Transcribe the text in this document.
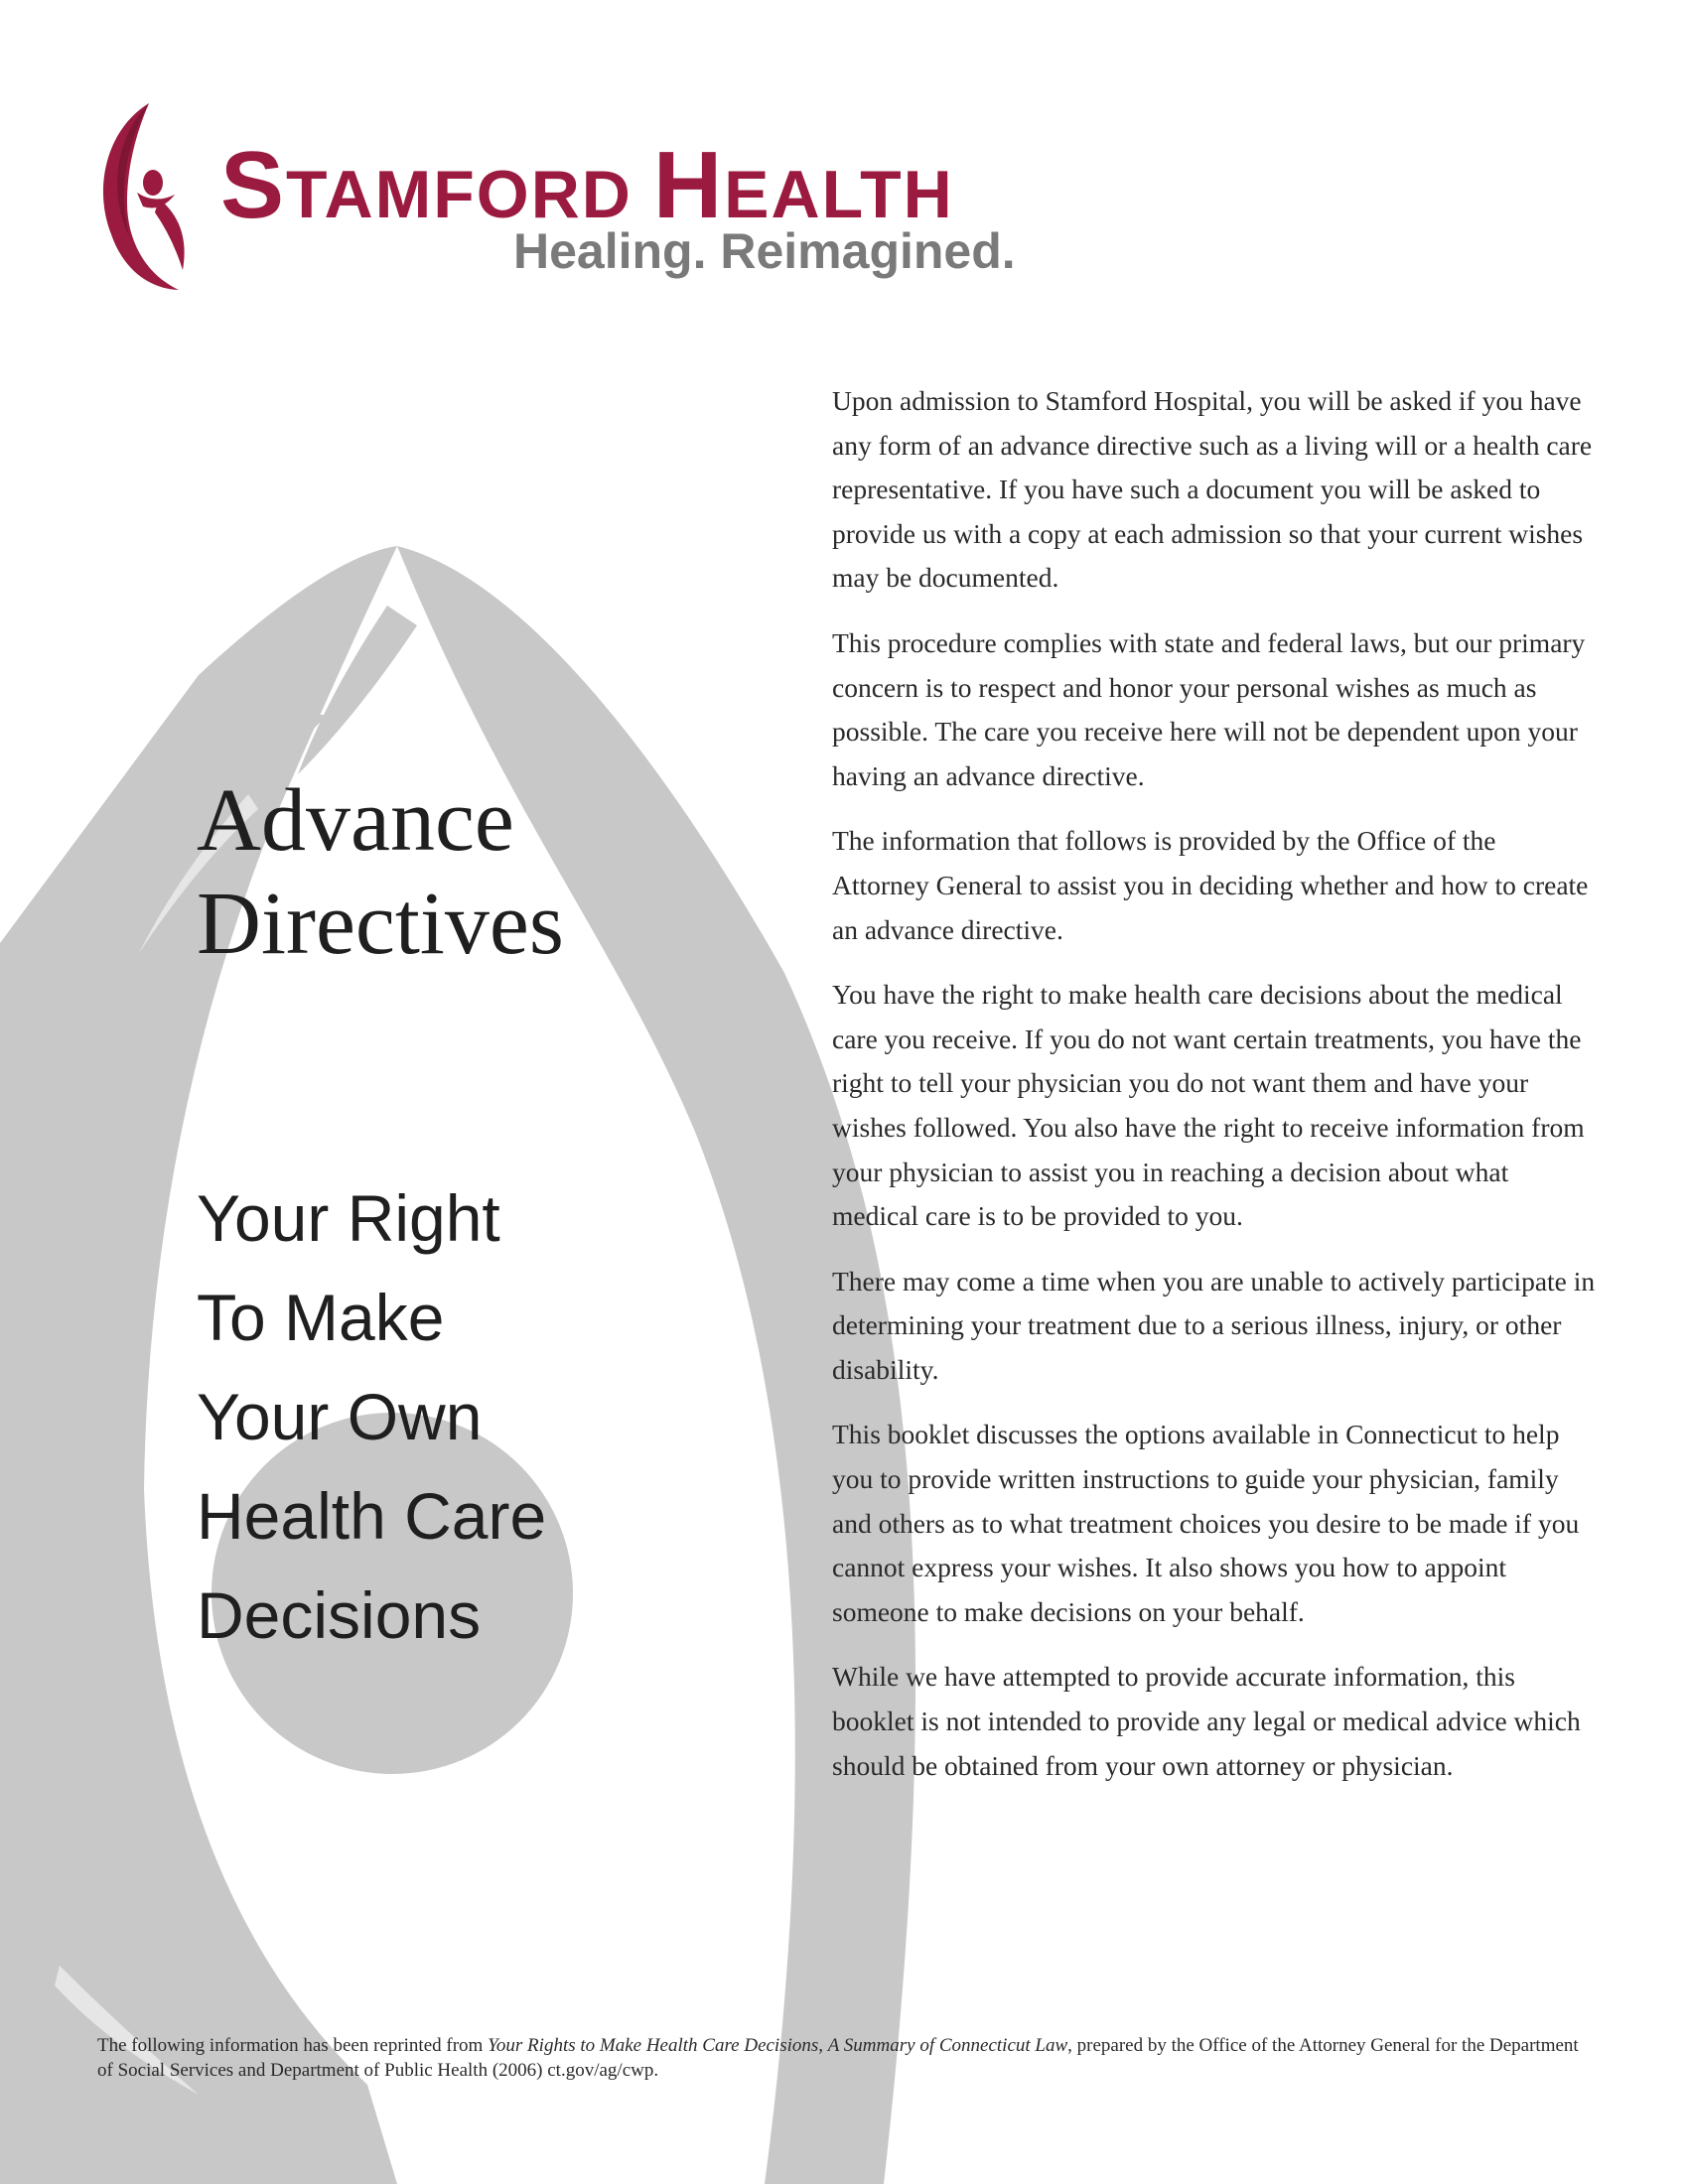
STAMFORD HEALTH
Healing. Reimagined.
Advance
Directives
Your Right
To Make
Your Own
Health Care
Decisions

Upon admission to Stamford Hospital, you will be asked if you have any form of an advance directive such as a living will or a health care representative. If you have such a document you will be asked to provide us with a copy at each admission so that your current wishes may be documented.

This procedure complies with state and federal laws, but our primary concern is to respect and honor your personal wishes as much as possible. The care you receive here will not be dependent upon your having an advance directive.

The information that follows is provided by the Office of the Attorney General to assist you in deciding whether and how to create an advance directive.

You have the right to make health care decisions about the medical care you receive. If you do not want certain treatments, you have the right to tell your physician you do not want them and have your wishes followed. You also have the right to receive information from your physician to assist you in reaching a decision about what medical care is to be provided to you.

There may come a time when you are unable to actively participate in determining your treatment due to a serious illness, injury, or other disability.

This booklet discusses the options available in Connecticut to help you to provide written instructions to guide your physician, family and others as to what treatment choices you desire to be made if you cannot express your wishes. It also shows you how to appoint someone to make decisions on your behalf.

While we have attempted to provide accurate information, this booklet is not intended to provide any legal or medical advice which should be obtained from your own attorney or physician.

The following information has been reprinted from Your Rights to Make Health Care Decisions, A Summary of Connecticut Law, prepared by the Office of the Attorney General for the Department of Social Services and Department of Public Health (2006) ct.gov/ag/cwp.
